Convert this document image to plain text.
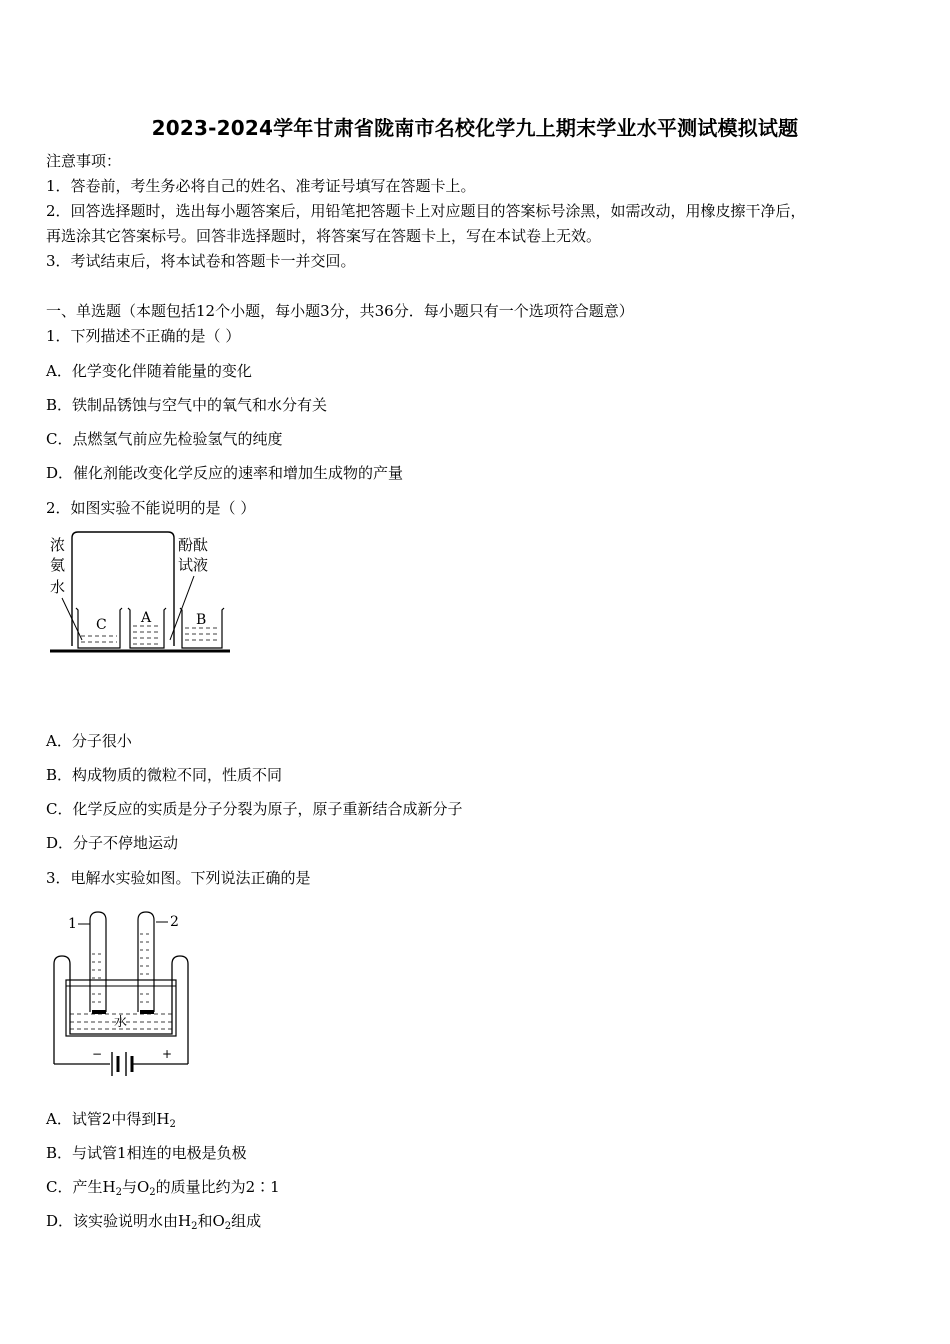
2023-2024学年甘肃省陇南市名校化学九上期末学业水平测试模拟试题
注意事项：
1．答卷前，考生务必将自己的姓名、准考证号填写在答题卡上。
2．回答选择题时，选出每小题答案后，用铅笔把答题卡上对应题目的答案标号涂黑，如需改动，用橡皮擦干净后，
再选涂其它答案标号。回答非选择题时，将答案写在答题卡上，写在本试卷上无效。
3．考试结束后，将本试卷和答题卡一并交回。
一、单选题（本题包括12个小题，每小题3分，共36分．每小题只有一个选项符合题意）
1．下列描述不正确的是（ ）
A．化学变化伴随着能量的变化
B．铁制品锈蚀与空气中的氧气和水分有关
C．点燃氢气前应先检验氢气的纯度
D．催化剂能改变化学反应的速率和增加生成物的产量
2．如图实验不能说明的是（ ）
浓
氨
水
酚酞
试液
C A	B
A．分子很小
B．构成物质的微粒不同，性质不同
C．化学反应的实质是分子分裂为原子，原子重新结合成新分子
D．分子不停地运动
3．电解水实验如图。下列说法正确的是
1	2
水
−	+
A．试管2中得到$H_2$
B．与试管1相连的电极是负极
C．产生$H_2$与$O_2$的质量比约为2∶1
D．该实验说明水由$H_2$和$O_2$组成
